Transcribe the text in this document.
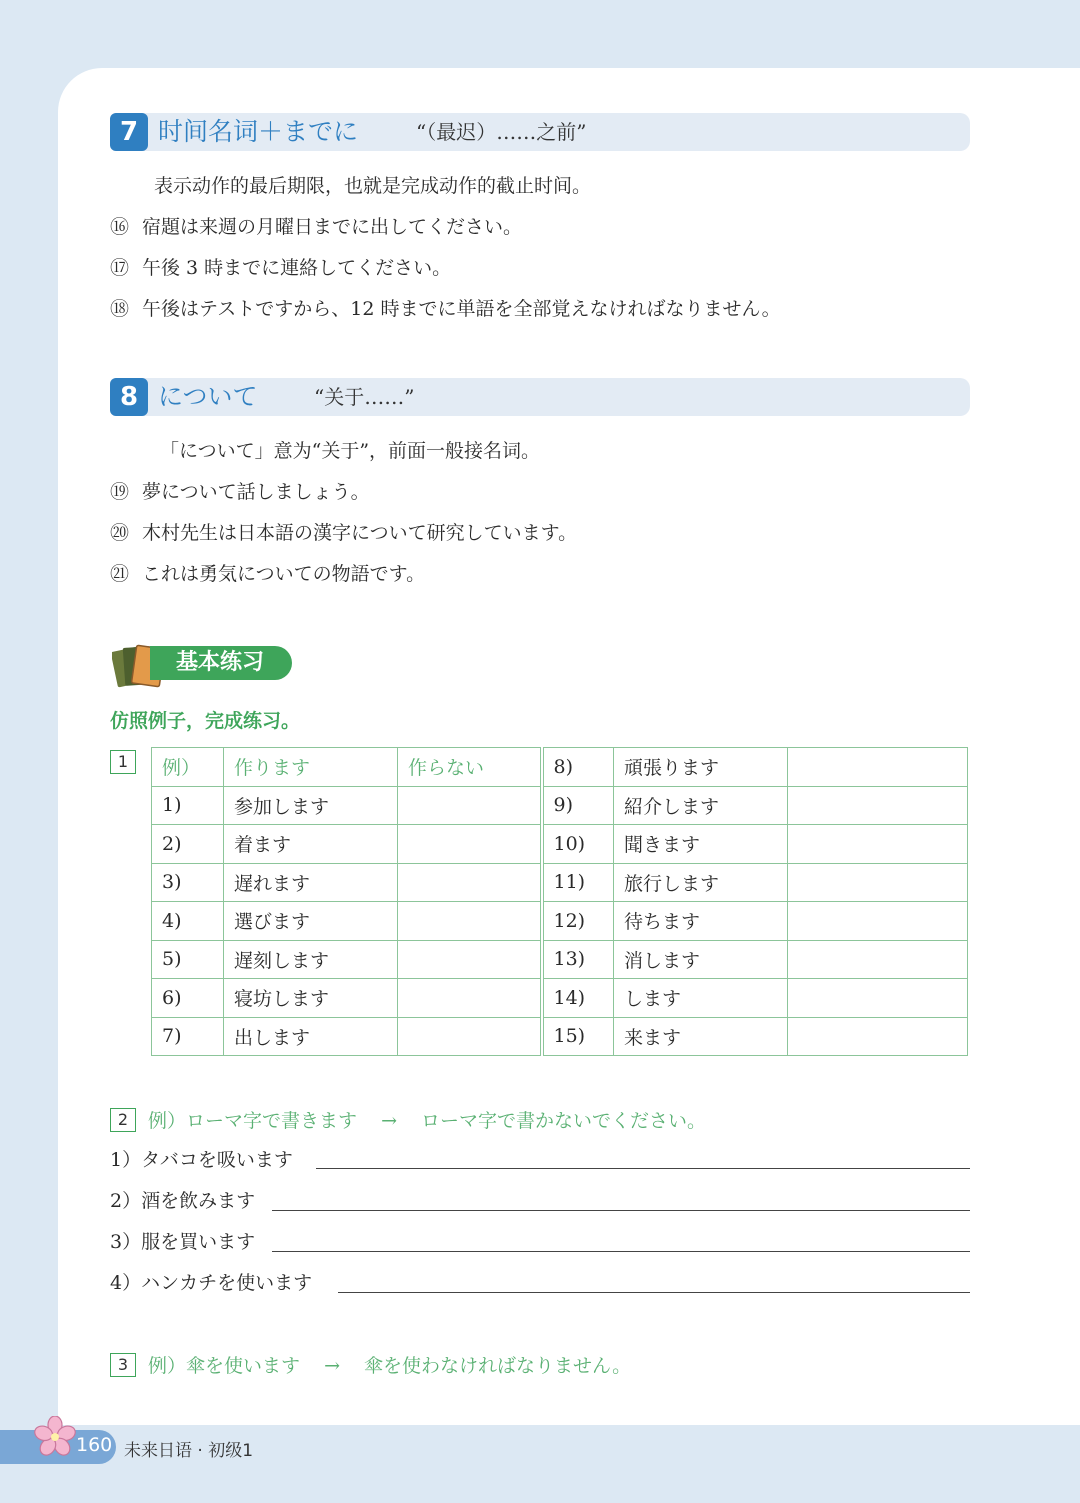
7 时间名词＋までに	“（最迟）……之前”
表示动作的最后期限，也就是完成动作的截止时间。
⑯ 宿題は来週の月曜日までに出してください。
⑰ 午後 3 時までに連絡してください。
⑱ 午後はテストですから、12 時までに単語を全部覚えなければなりません。
8 について	“关于……”
「について」意为“关于”，前面一般接名词。
⑲ 夢について話しましょう。
⑳ 木村先生は日本語の漢字について研究しています。
㉑ これは勇気についての物語です。
基本练习
仿照例子，完成练习。
1	例）	作ります	作らない	8)	頑張ります	
1)	参加します		9)	紹介します	
2)	着ます		10)	聞きます	
3)	遅れます		11)	旅行します	
4)	選びます		12)	待ちます	
5)	遅刻します		13)	消します	
6)	寝坊します		14)	します	
7)	出します		15)	来ます	
2	例）ローマ字で書きます → ローマ字で書かないでください。
1）タバコを吸います
2）酒を飲みます
3）服を買います
4）ハンカチを使います
3	例）傘を使います → 傘を使わなければなりません。
160 未来日语 · 初级1
